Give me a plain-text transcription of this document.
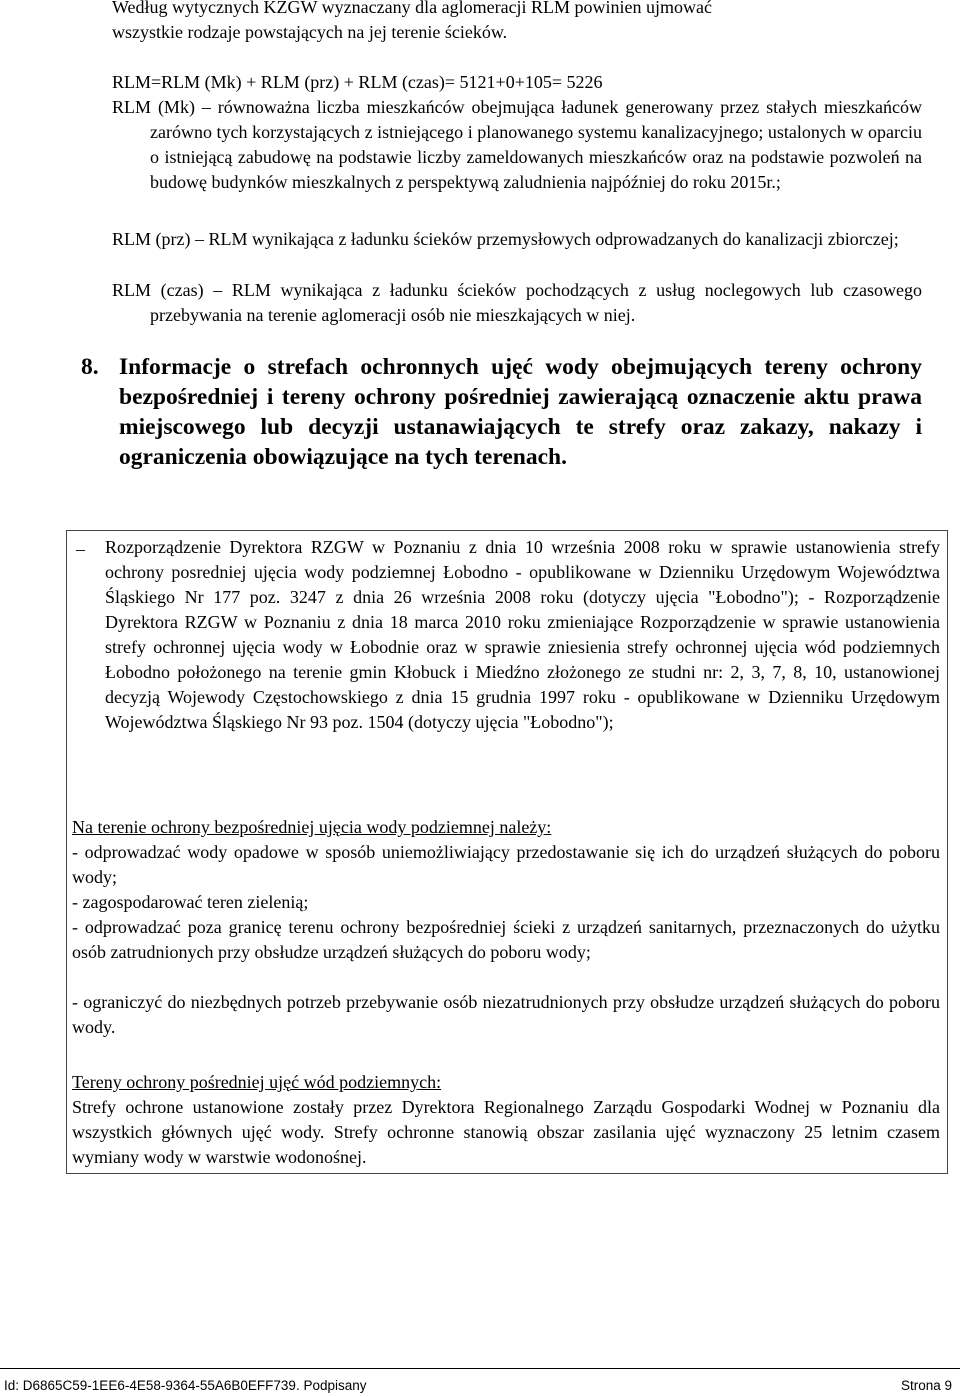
Według wytycznych KZGW wyznaczany dla aglomeracji RLM powinien ujmować

wszystkie rodzaje powstających na jej terenie ścieków.

RLM=RLM (Mk) + RLM (prz) + RLM (czas)= 5121+0+105= 5226

RLM (Mk) – równoważna liczba mieszkańców obejmująca ładunek generowany przez stałych mieszkańców zarówno tych korzystających z istniejącego i planowanego systemu kanalizacyjnego; ustalonych w oparciu o istniejącą zabudowę na podstawie liczby zameldowanych mieszkańców oraz na podstawie pozwoleń na budowę budynków mieszkalnych z perspektywą zaludnienia najpóźniej do roku 2015r.;

RLM (prz) – RLM wynikająca z ładunku ścieków przemysłowych odprowadzanych do kanalizacji zbiorczej;

RLM (czas) – RLM wynikająca z ładunku ścieków pochodzących z usług noclegowych lub czasowego przebywania na terenie aglomeracji osób nie mieszkających w niej.

8. Informacje o strefach ochronnych ujęć wody obejmujących tereny ochrony bezpośredniej i tereny ochrony pośredniej zawierającą oznaczenie aktu prawa miejscowego lub decyzji ustanawiających te strefy oraz zakazy, nakazy i ograniczenia obowiązujące na tych terenach.
– Rozporządzenie Dyrektora RZGW w Poznaniu z dnia 10 września 2008 roku w sprawie ustanowienia strefy ochrony posredniej ujęcia wody podziemnej Łobodno - opublikowane w Dzienniku Urzędowym Województwa Śląskiego Nr 177 poz. 3247 z dnia 26 września 2008 roku (dotyczy ujęcia "Łobodno"); - Rozporządzenie Dyrektora RZGW w Poznaniu z dnia 18 marca 2010 roku zmieniające Rozporządzenie w sprawie ustanowienia strefy ochronnej ujęcia wody w Łobodnie oraz w sprawie zniesienia strefy ochronnej ujęcia wód podziemnych Łobodno położonego na terenie gmin Kłobuck i Miedźno złożonego ze studni nr: 2, 3, 7, 8, 10, ustanowionej decyzją Wojewody Częstochowskiego z dnia 15 grudnia 1997 roku - opublikowane w Dzienniku Urzędowym Województwa Śląskiego Nr 93 poz. 1504 (dotyczy ujęcia "Łobodno");

Na terenie ochrony bezpośredniej ujęcia wody podziemnej należy:

- odprowadzać wody opadowe w sposób uniemożliwiający przedostawanie się ich do urządzeń służących do poboru wody;

- zagospodarować teren zielenią;

- odprowadzać poza granicę terenu ochrony bezpośredniej ścieki z urządzeń sanitarnych, przeznaczonych do użytku osób zatrudnionych przy obsłudze urządzeń służących do poboru wody;

- ograniczyć do niezbędnych potrzeb przebywanie osób niezatrudnionych przy obsłudze urządzeń służących do poboru wody.

Tereny ochrony pośredniej ujęć wód podziemnych:

Strefy ochrone ustanowione zostały przez Dyrektora Regionalnego Zarządu Gospodarki Wodnej w Poznaniu dla wszystkich głównych ujęć wody. Strefy ochronne stanowią obszar zasilania ujęć wyznaczony 25 letnim czasem wymiany wody w warstwie wodonośnej.

Id: D6865C59-1EE6-4E58-9364-55A6B0EFF739. Podpisany	Strona 9
